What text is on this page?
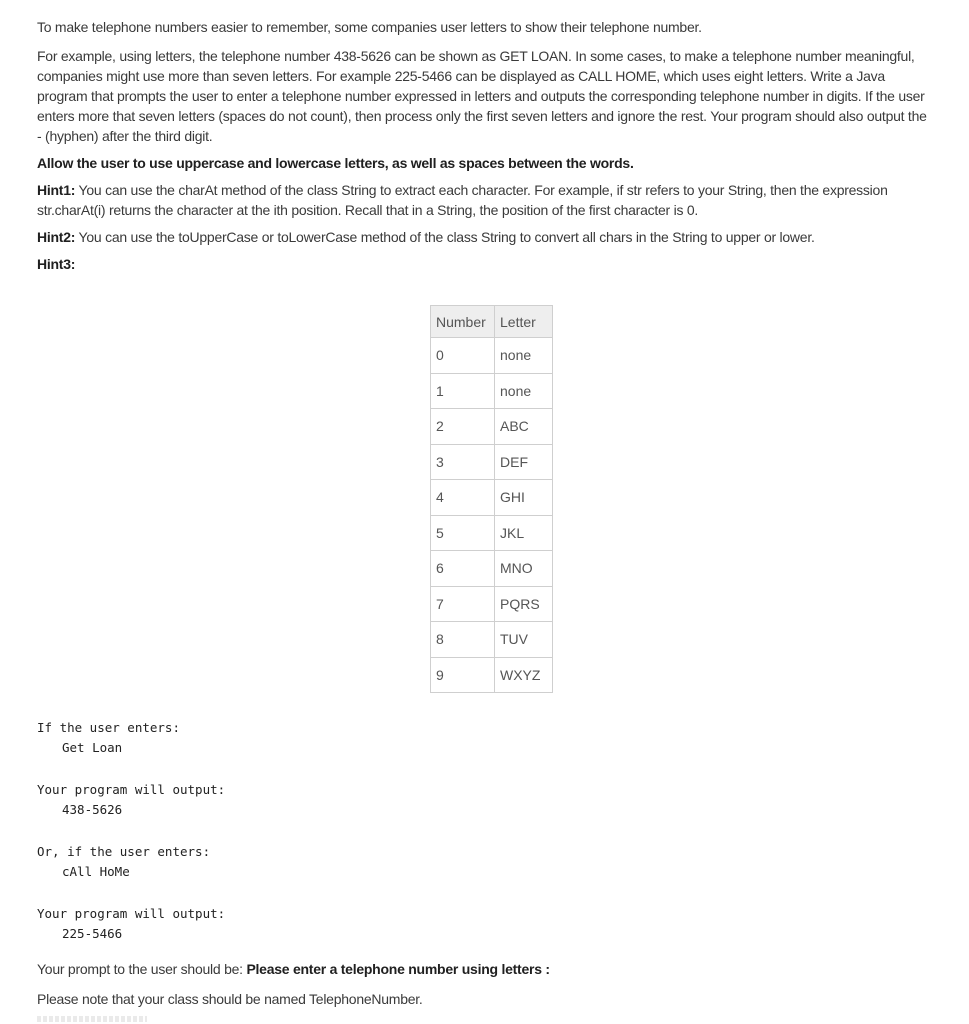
To make telephone numbers easier to remember, some companies user letters to show their telephone number.

For example, using letters, the telephone number 438-5626 can be shown as GET LOAN. In some cases, to make a telephone number meaningful, companies might use more than seven letters. For example 225-5466 can be displayed as CALL HOME, which uses eight letters. Write a Java program that prompts the user to enter a telephone number expressed in letters and outputs the corresponding telephone number in digits. If the user enters more that seven letters (spaces do not count), then process only the first seven letters and ignore the rest. Your program should also output the - (hyphen) after the third digit.

Allow the user to use uppercase and lowercase letters, as well as spaces between the words.

Hint1: You can use the charAt method of the class String to extract each character. For example, if str refers to your String, then the expression str.charAt(i) returns the character at the ith position. Recall that in a String, the position of the first character is 0.

Hint2: You can use the toUpperCase or toLowerCase method of the class String to convert all chars in the String to upper or lower.

Hint3:

Number	Letter
0	none
1	none
2	ABC
3	DEF
4	GHI
5	JKL
6	MNO
7	PQRS
8	TUV
9	WXYZ
If the user enters:
Get Loan
Your program will output:
438-5626
Or, if the user enters:
cAll HoMe
Your program will output:
225-5466

Your prompt to the user should be: Please enter a telephone number using letters :

Please note that your class should be named TelephoneNumber.
